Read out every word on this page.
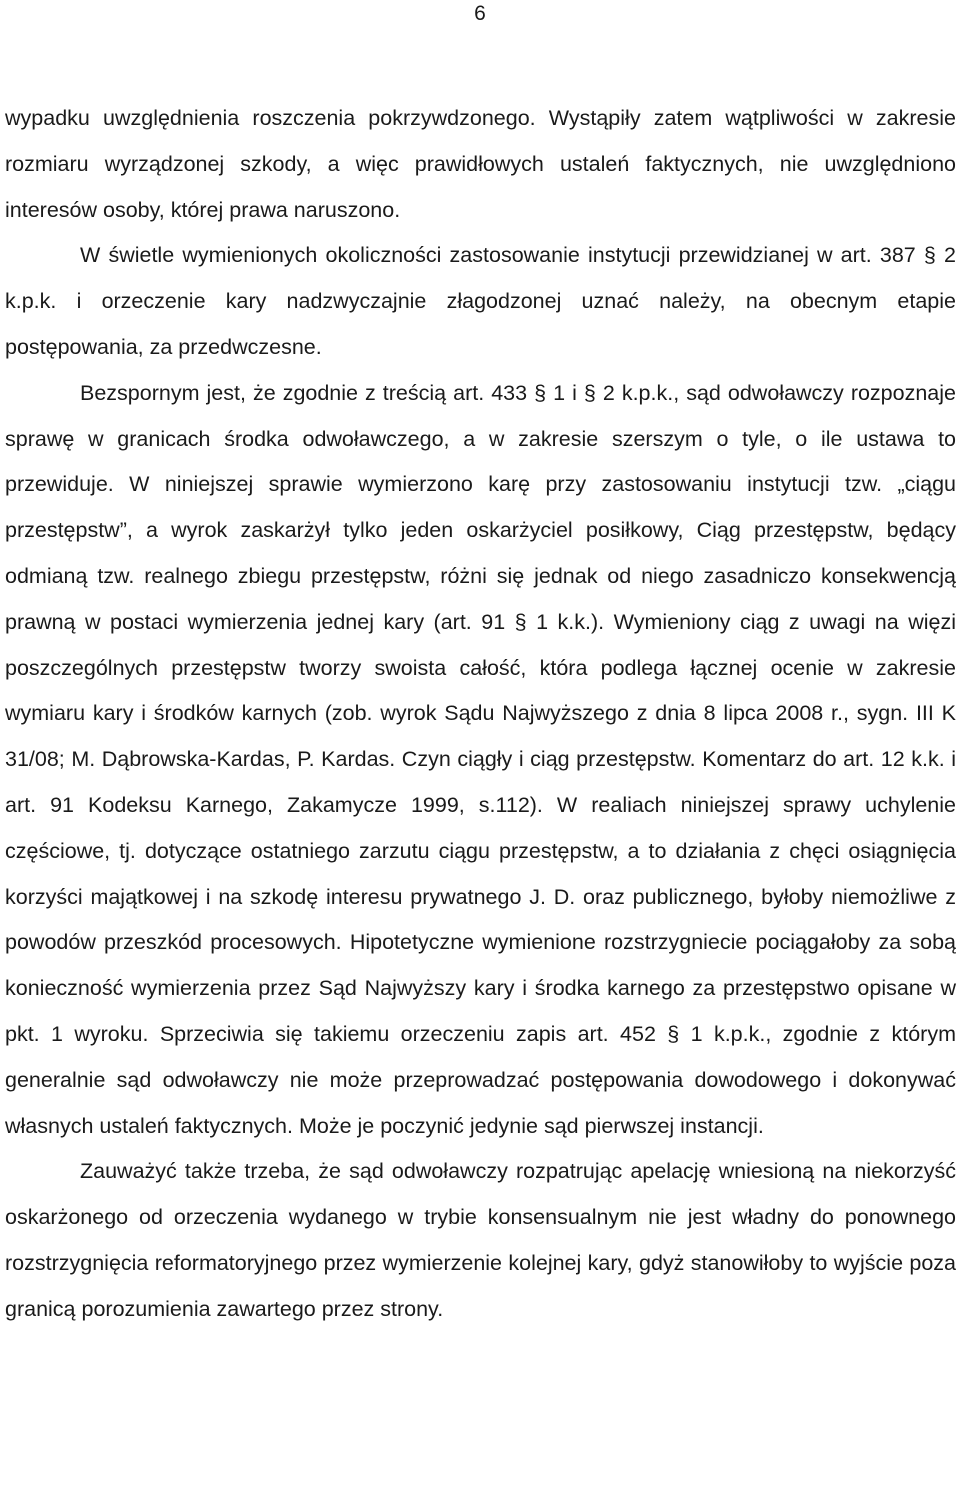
6

wypadku uwzględnienia roszczenia pokrzywdzonego. Wystąpiły zatem wątpliwości w zakresie rozmiaru wyrządzonej szkody, a więc prawidłowych ustaleń faktycznych, nie uwzględniono interesów osoby, której prawa naruszono.

W świetle wymienionych okoliczności zastosowanie instytucji przewidzianej w art. 387 § 2 k.p.k. i orzeczenie kary nadzwyczajnie złagodzonej uznać należy, na obecnym etapie postępowania, za przedwczesne.

Bezspornym jest, że zgodnie z treścią art. 433 § 1 i § 2 k.p.k., sąd odwoławczy rozpoznaje sprawę w granicach środka odwoławczego, a w zakresie szerszym o tyle, o ile ustawa to przewiduje. W niniejszej sprawie wymierzono karę przy zastosowaniu instytucji tzw. „ciągu przestępstw”, a wyrok zaskarżył tylko jeden oskarżyciel posiłkowy, Ciąg przestępstw, będący odmianą tzw. realnego zbiegu przestępstw, różni się jednak od niego zasadniczo konsekwencją prawną w postaci wymierzenia jednej kary (art. 91 § 1 k.k.). Wymieniony ciąg z uwagi na więzi poszczególnych przestępstw tworzy swoista całość, która podlega łącznej ocenie w zakresie wymiaru kary i środków karnych (zob. wyrok Sądu Najwyższego z dnia 8 lipca 2008 r., sygn. III K 31/08; M. Dąbrowska-Kardas, P. Kardas. Czyn ciągły i ciąg przestępstw. Komentarz do art. 12 k.k. i art. 91 Kodeksu Karnego, Zakamycze 1999, s.112). W realiach niniejszej sprawy uchylenie częściowe, tj. dotyczące ostatniego zarzutu ciągu przestępstw, a to działania z chęci osiągnięcia korzyści majątkowej i na szkodę interesu prywatnego J. D. oraz publicznego, byłoby niemożliwe z powodów przeszkód procesowych. Hipotetyczne wymienione rozstrzygniecie pociągałoby za sobą konieczność wymierzenia przez Sąd Najwyższy kary i środka karnego za przestępstwo opisane w pkt. 1 wyroku. Sprzeciwia się takiemu orzeczeniu zapis art. 452 § 1 k.p.k., zgodnie z którym generalnie sąd odwoławczy nie może przeprowadzać postępowania dowodowego i dokonywać własnych ustaleń faktycznych. Może je poczynić jedynie sąd pierwszej instancji.

Zauważyć także trzeba, że sąd odwoławczy rozpatrując apelację wniesioną na niekorzyść oskarżonego od orzeczenia wydanego w trybie konsensualnym nie jest władny do ponownego rozstrzygnięcia reformatoryjnego przez wymierzenie kolejnej kary, gdyż stanowiłoby to wyjście poza granicą porozumienia zawartego przez strony.
